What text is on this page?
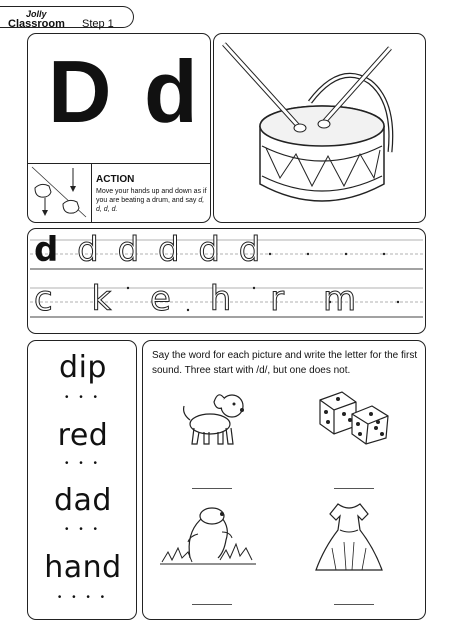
Jolly
Classroom Step 1
D d
ACTION
Move your hands up and down as if you are beating a drum, and say d, d, d, d.
d d d d d d
c k e h r m
dip
• • •
red
• • •
dad
• • •
hand
• • • •
Say the word for each picture and write the letter for the first sound. Three start with /d/, but one does not.
